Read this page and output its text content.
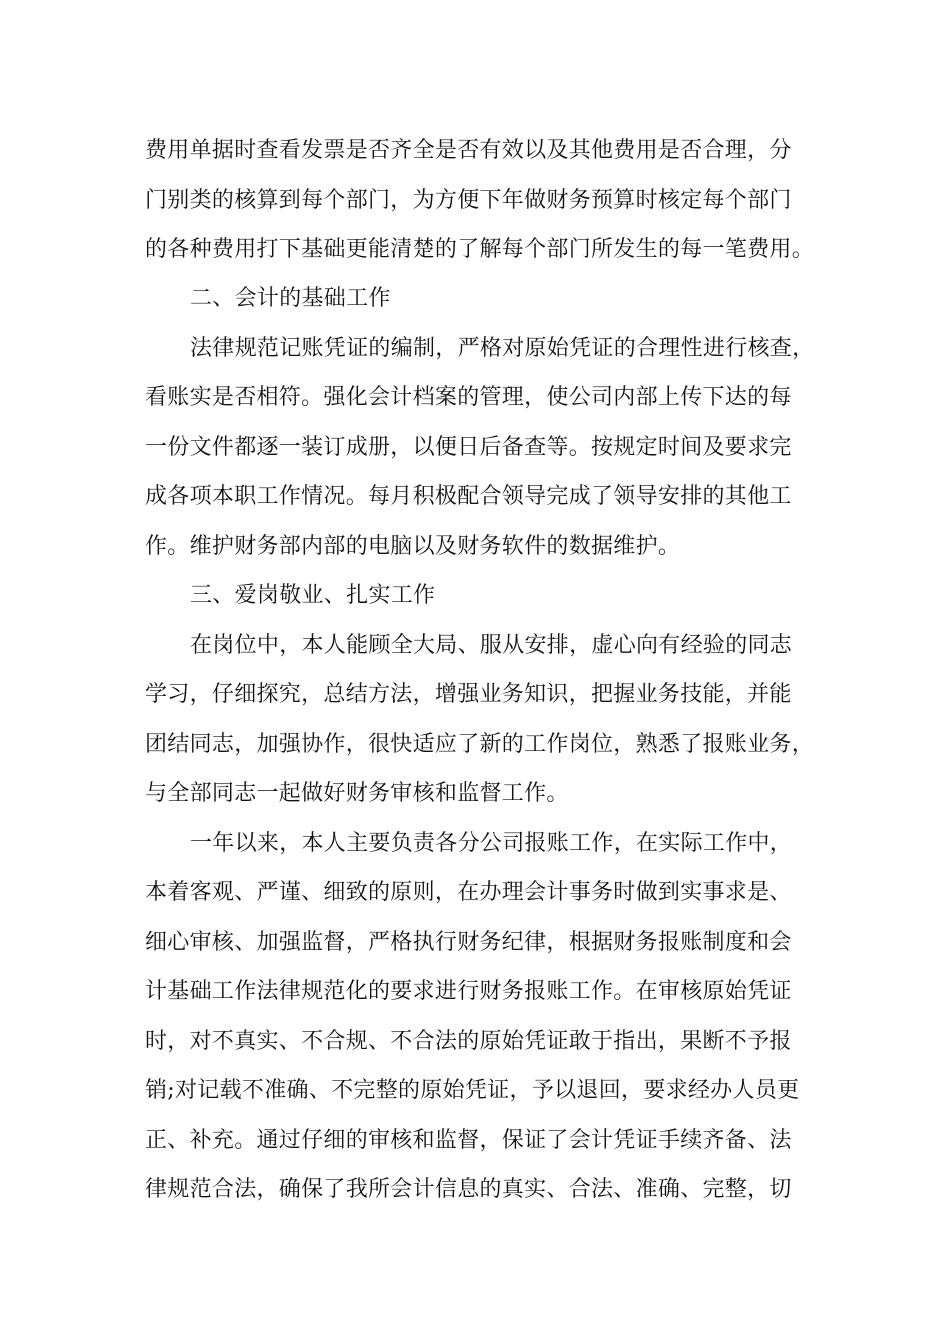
费用单据时查看发票是否齐全是否有效以及其他费用是否合理，分
门别类的核算到每个部门，为方便下年做财务预算时核定每个部门
的各种费用打下基础更能清楚的了解每个部门所发生的每一笔费用。
二、会计的基础工作
法律规范记账凭证的编制，严格对原始凭证的合理性进行核查，
看账实是否相符。强化会计档案的管理，使公司内部上传下达的每
一份文件都逐一装订成册，以便日后备查等。按规定时间及要求完
成各项本职工作情况。每月积极配合领导完成了领导安排的其他工
作。维护财务部内部的电脑以及财务软件的数据维护。
三、爱岗敬业、扎实工作
在岗位中，本人能顾全大局、服从安排，虚心向有经验的同志
学习，仔细探究，总结方法，增强业务知识，把握业务技能，并能
团结同志，加强协作，很快适应了新的工作岗位，熟悉了报账业务，
与全部同志一起做好财务审核和监督工作。
一年以来，本人主要负责各分公司报账工作，在实际工作中，
本着客观、严谨、细致的原则，在办理会计事务时做到实事求是、
细心审核、加强监督，严格执行财务纪律，根据财务报账制度和会
计基础工作法律规范化的要求进行财务报账工作。在审核原始凭证
时，对不真实、不合规、不合法的原始凭证敢于指出，果断不予报
销;对记载不准确、不完整的原始凭证，予以退回，要求经办人员更
正、补充。通过仔细的审核和监督，保证了会计凭证手续齐备、法
律规范合法，确保了我所会计信息的真实、合法、准确、完整，切
